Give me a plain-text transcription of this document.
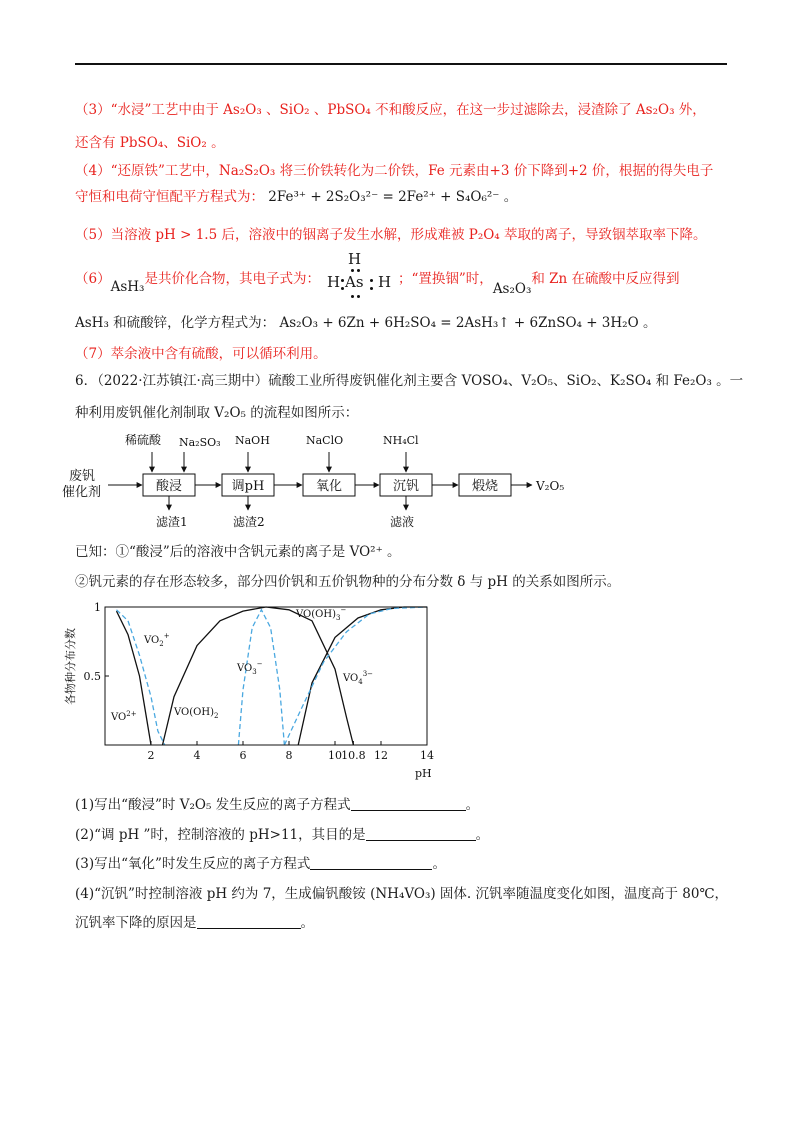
（3）“水浸”工艺中由于 As₂O₃ 、SiO₂ 、PbSO₄ 不和酸反应，在这一步过滤除去，浸渣除了 As₂O₃ 外，
还含有 PbSO₄、SiO₂ 。
（4）“还原铁”工艺中，Na₂S₂O₃ 将三价铁转化为二价铁，Fe 元素由+3 价下降到+2 价，根据的得失电子
守恒和电荷守恒配平方程式为： 2Fe³⁺ + 2S₂O₃²⁻ = 2Fe²⁺ + S₄O₆²⁻ 。
（5）当溶液 pH > 1.5 后，溶液中的铟离子发生水解，形成难被 P₂O₄ 萃取的离子，导致铟萃取率下降。
（6）AsH₃是共价化合物，其电子式为：
H
H As H ；“置换铟”时，As₂O₃和 Zn 在硫酸中反应得到
AsH₃ 和硫酸锌，化学方程式为： As₂O₃ + 6Zn + 6H₂SO₄ = 2AsH₃↑ + 6ZnSO₄ + 3H₂O 。
（7）萃余液中含有硫酸，可以循环利用。
6．（2022·江苏镇江·高三期中）硫酸工业所得废钒催化剂主要含 VOSO₄、V₂O₅、SiO₂、K₂SO₄ 和 Fe₂O₃ 。一
种利用废钒催化剂制取 V₂O₅ 的流程如图所示：
废钒
催化剂	酸浸	调pH	氧化	沉钒	煅烧	V₂O₅
稀硫酸 Na₂SO₃ NaOH	NaClO	NH₄Cl
滤渣1	滤渣2	滤液
已知：①“酸浸”后的溶液中含钒元素的离子是 VO²⁺ 。
②钒元素的存在形态较多，部分四价钒和五价钒物种的分布分数 δ 与 pH 的关系如图所示。
2	4	6	8	10 10.8 12	14
0.5
1
pH
各物种分布分数
$VO^{2+}$	$VO(OH)_2$
$VO_2^+$
$VO_3^-$
$VO(OH)_3^-$
$VO_4^{3-}$
(1)写出“酸浸”时 V₂O₅ 发生反应的离子方程式	。
(2)“调 pH ”时，控制溶液的 pH>11，其目的是	。
(3)写出“氧化”时发生反应的离子方程式	。
(4)“沉钒”时控制溶液 pH 约为 7，生成偏钒酸铵 (NH₄VO₃) 固体. 沉钒率随温度变化如图，温度高于 80℃，
沉钒率下降的原因是	。
